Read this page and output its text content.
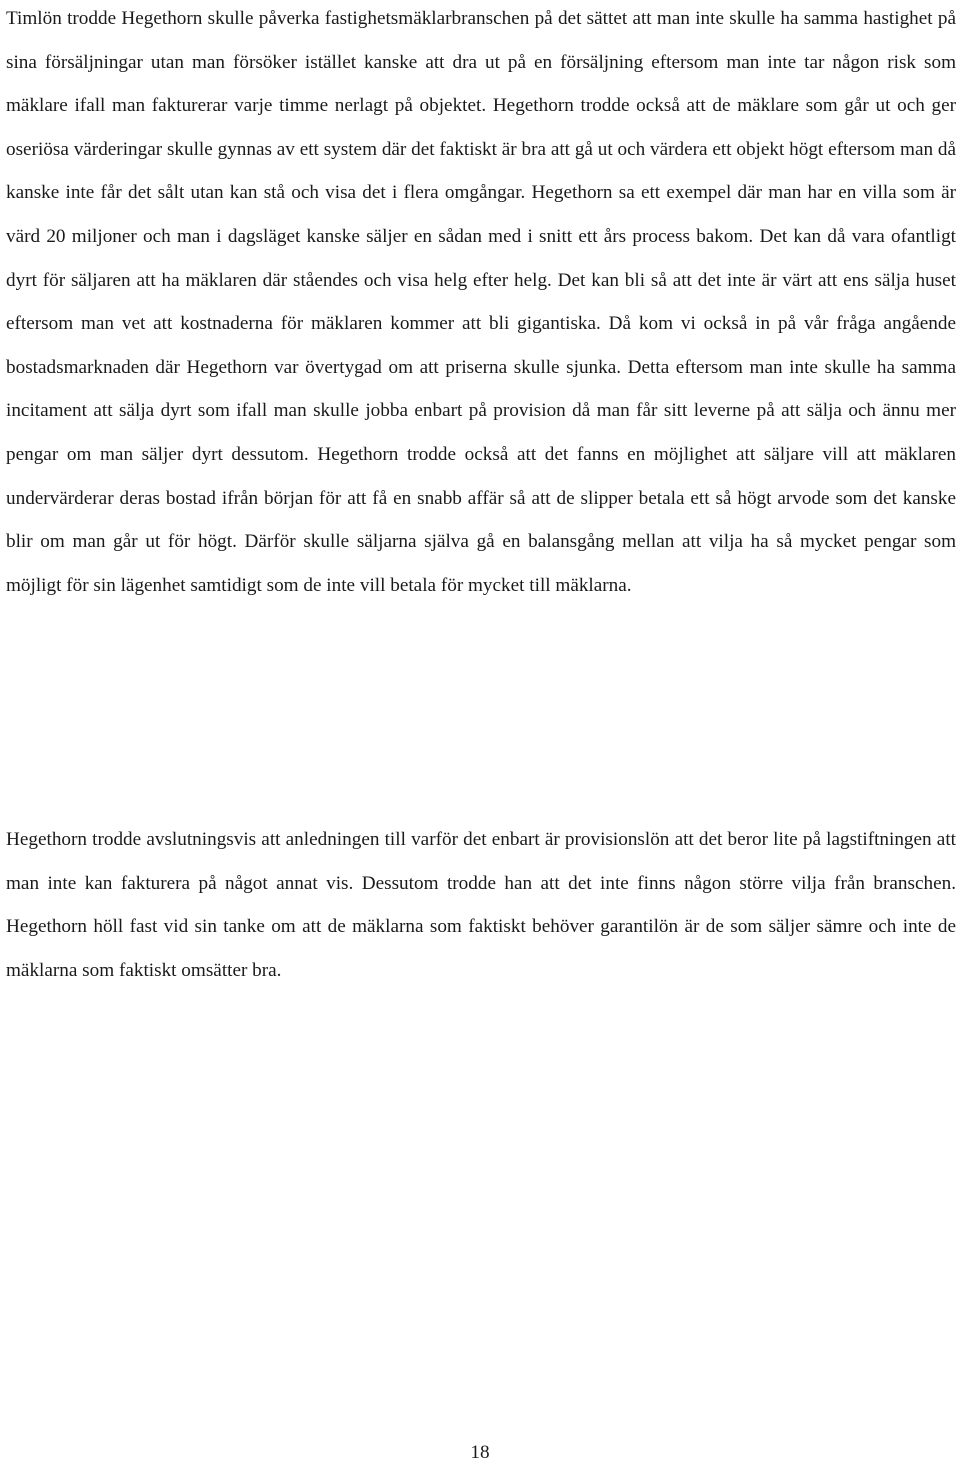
Timlön trodde Hegethorn skulle påverka fastighetsmäklarbranschen på det sättet att man inte skulle ha samma hastighet på sina försäljningar utan man försöker istället kanske att dra ut på en försäljning eftersom man inte tar någon risk som mäklare ifall man fakturerar varje timme nerlagt på objektet. Hegethorn trodde också att de mäklare som går ut och ger oseriösa värderingar skulle gynnas av ett system där det faktiskt är bra att gå ut och värdera ett objekt högt eftersom man då kanske inte får det sålt utan kan stå och visa det i flera omgångar. Hegethorn sa ett exempel där man har en villa som är värd 20 miljoner och man i dagsläget kanske säljer en sådan med i snitt ett års process bakom. Det kan då vara ofantligt dyrt för säljaren att ha mäklaren där ståendes och visa helg efter helg. Det kan bli så att det inte är värt att ens sälja huset eftersom man vet att kostnaderna för mäklaren kommer att bli gigantiska. Då kom vi också in på vår fråga angående bostadsmarknaden där Hegethorn var övertygad om att priserna skulle sjunka. Detta eftersom man inte skulle ha samma incitament att sälja dyrt som ifall man skulle jobba enbart på provision då man får sitt leverne på att sälja och ännu mer pengar om man säljer dyrt dessutom. Hegethorn trodde också att det fanns en möjlighet att säljare vill att mäklaren undervärderar deras bostad ifrån början för att få en snabb affär så att de slipper betala ett så högt arvode som det kanske blir om man går ut för högt. Därför skulle säljarna själva gå en balansgång mellan att vilja ha så mycket pengar som möjligt för sin lägenhet samtidigt som de inte vill betala för mycket till mäklarna.

Hegethorn trodde avslutningsvis att anledningen till varför det enbart är provisionslön att det beror lite på lagstiftningen att man inte kan fakturera på något annat vis. Dessutom trodde han att det inte finns någon större vilja från branschen. Hegethorn höll fast vid sin tanke om att de mäklarna som faktiskt behöver garantilön är de som säljer sämre och inte de mäklarna som faktiskt omsätter bra.

18
